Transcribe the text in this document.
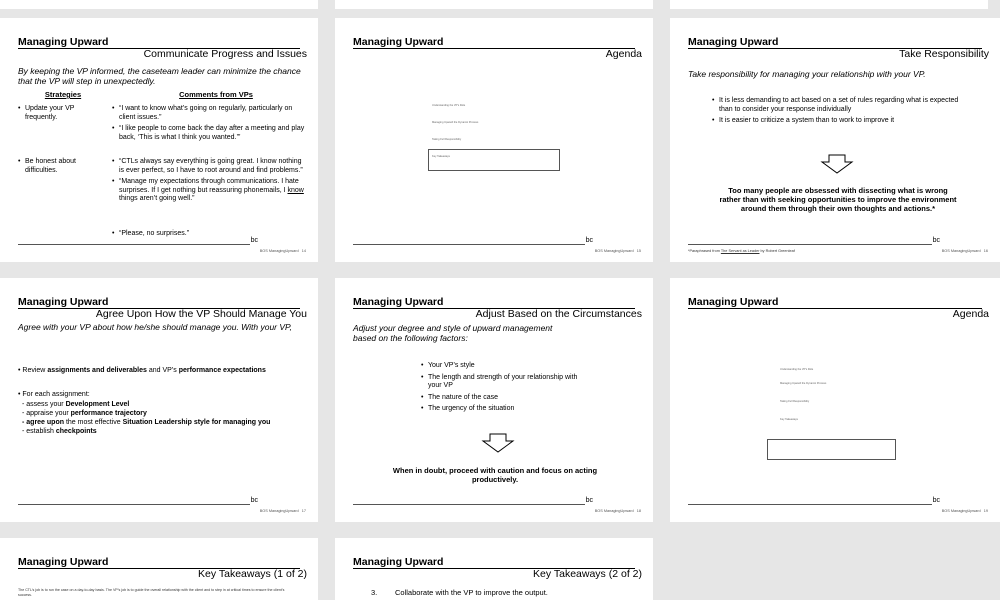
Managing Upward
Communicate Progress and Issues
By keeping the VP informed, the caseteam leader can minimize the chance that the VP will step in unexpectedly.
Strategies	Comments from VPs
• Update your VP frequently.
• “I want to know what’s going on regularly, particularly on client issues.”
• “I like people to come back the day after a meeting and play back, ‘This is what I think you wanted.’”
• Be honest about difficulties.
• “CTLs always say everything is going great. I know nothing is ever perfect, so I have to root around and find problems.”
• “Manage my expectations through communications. I hate surprises. If I get nothing but reassuring phonemails, I know things aren’t going well.”
• “Please, no surprises.”
bc
BOS ManagingUpward 14
Managing Upward
Agenda
Understanding the VP's Role
Managing Upward the Dynamic Process
Taking Full Responsibility
Key Takeaways
bc
BOS ManagingUpward 15
Managing Upward
Take Responsibility
Take responsibility for managing your relationship with your VP.
• It is less demanding to act based on a set of rules regarding what is expected than to consider your response individually
• It is easier to criticize a system than to work to improve it
Too many people are obsessed with dissecting what is wrong rather than with seeking opportunities to improve the environment around them through their own thoughts and actions.*
*Paraphrased from The Servant as Leader by Robert Greenleaf
bc
BOS ManagingUpward 16
Managing Upward
Agree Upon How the VP Should Manage You
Agree with your VP about how he/she should manage you. With your VP,
• Review assignments and deliverables and VP’s performance expectations
• For each assignment:
- assess your Development Level
- appraise your performance trajectory
- agree upon the most effective Situation Leadership style for managing you
- establish checkpoints
bc
BOS ManagingUpward 17
Managing Upward
Adjust Based on the Circumstances
Adjust your degree and style of upward management based on the following factors:
• Your VP’s style
• The length and strength of your relationship with your VP
• The nature of the case
• The urgency of the situation
When in doubt, proceed with caution and focus on acting productively.
bc
BOS ManagingUpward 18
Managing Upward
Agenda
Understanding the VP's Role
Managing Upward the Dynamic Process
Taking Full Responsibility
Key Takeaways
bc
BOS ManagingUpward 19
Managing Upward
Key Takeaways (1 of 2)
The CTL’s job is to run the case on a day-to-day basis. The VP’s job is to guide the overall relationship with the client and to step in at critical times to ensure the client’s
success.
Managing Upward
Key Takeaways (2 of 2)
3. Collaborate with the VP to improve the output.
